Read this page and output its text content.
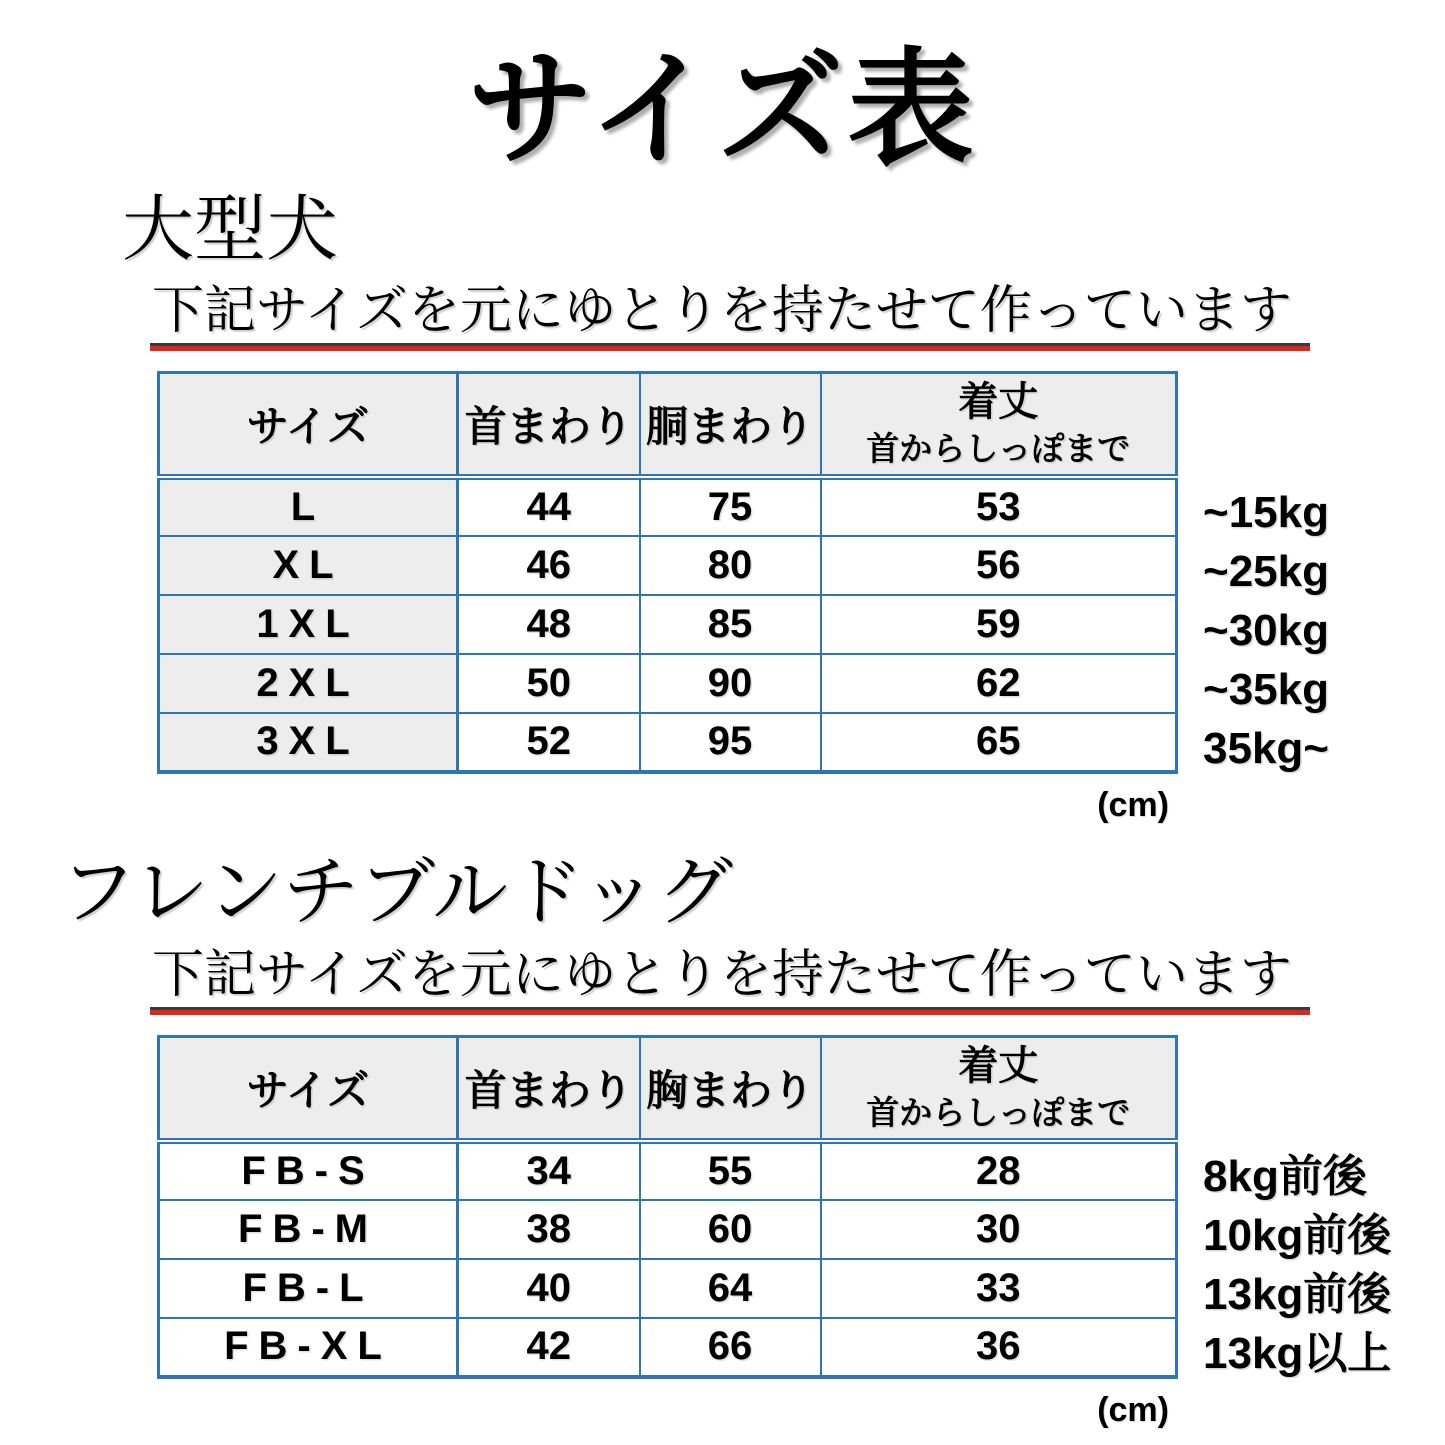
サイズ表
大型犬
下記サイズを元にゆとりを持たせて作っています
サイズ	首まわり	胴まわり	着丈
首からしっぽまで

L	44	75	53
XL	46	80	56
1XL	48	85	59
2XL	50	90	62
3XL	52	95	65
~15kg
~25kg
~30kg
~35kg
35kg~
(cm)
フレンチブルドッグ
下記サイズを元にゆとりを持たせて作っています
サイズ	首まわり	胸まわり	着丈
首からしっぽまで

FB-S	34	55	28
FB-M	38	60	30
FB-L	40	64	33
FB-XL	42	66	36
8kg前後
10kg前後
13kg前後
13kg以上
(cm)
